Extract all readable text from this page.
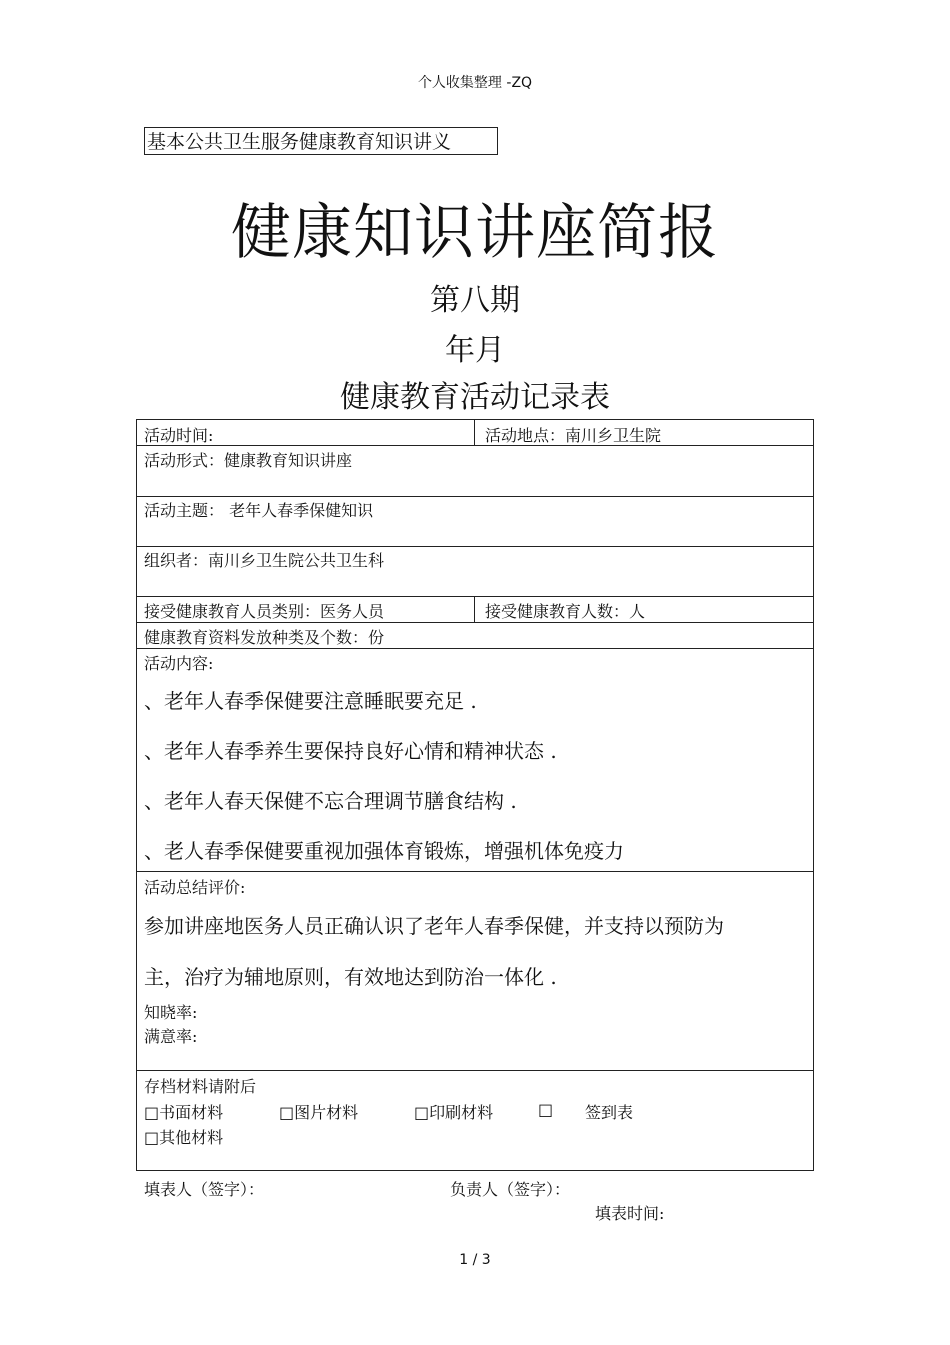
个人收集整理 -ZQ
基本公共卫生服务健康教育知识讲义
健康知识讲座简报
第八期
年月
健康教育活动记录表
活动时间:	活动地点：南川乡卫生院
活动形式：健康教育知识讲座
活动主题： 老年人春季保健知识
组织者：南川乡卫生院公共卫生科
接受健康教育人员类别：医务人员	接受健康教育人数：人
健康教育资料发放种类及个数：份
活动内容:
、老年人春季保健要注意睡眠要充足 .
、老年人春季养生要保持良好心情和精神状态 .
、老年人春天保健不忘合理调节膳食结构 .
、老人春季保健要重视加强体育锻炼，增强机体免疫力
活动总结评价:
参加讲座地医务人员正确认识了老年人春季保健，并支持以预防为
主，治疗为辅地原则，有效地达到防治一体化 .
知晓率:
满意率:
存档材料请附后
□书面材料	□图片材料	□印刷材料	□ 签到表
□其他材料
填表人（签字）：	负责人（签字）：
填表时间:
1 / 3
